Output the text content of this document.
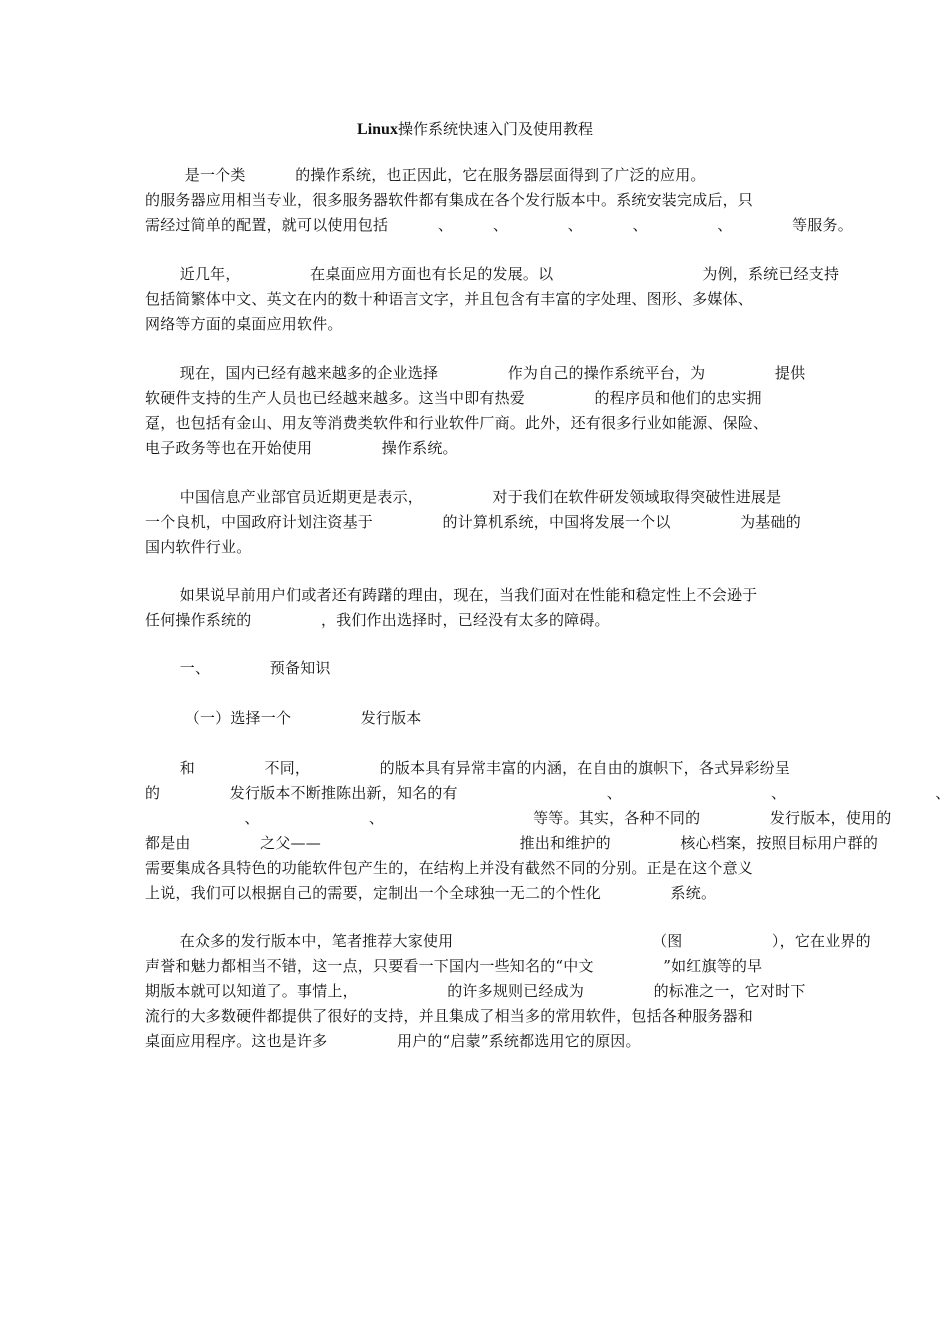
Linux操作系统快速入门及使用教程
是一个类          的操作系统，也正因此，它在服务器层面得到了广泛的应用。
的服务器应用相当专业，很多服务器软件都有集成在各个发行版本中。系统安装完成后，只
需经过简单的配置，就可以使用包括          、        、            、          、              、            等服务。
近几年，              在桌面应用方面也有长足的发展。以                              为例，系统已经支持
包括简繁体中文、英文在内的数十种语言文字，并且包含有丰富的字处理、图形、多媒体、
网络等方面的桌面应用软件。
现在，国内已经有越来越多的企业选择              作为自己的操作系统平台，为              提供
软硬件支持的生产人员也已经越来越多。这当中即有热爱              的程序员和他们的忠实拥
趸，也包括有金山、用友等消费类软件和行业软件厂商。此外，还有很多行业如能源、保险、
电子政务等也在开始使用              操作系统。
中国信息产业部官员近期更是表示，              对于我们在软件研发领域取得突破性进展是
一个良机，中国政府计划注资基于              的计算机系统，中国将发展一个以              为基础的
国内软件行业。
如果说早前用户们或者还有踌躇的理由，现在，当我们面对在性能和稳定性上不会逊于
任何操作系统的              ，我们作出选择时，已经没有太多的障碍。
一、            预备知识
（一）选择一个              发行版本
和              不同，              的版本具有异常丰富的内涵，在自由的旗帜下，各式异彩纷呈
的              发行版本不断推陈出新，知名的有                              、                              、                              、
、                      、                              等等。其实，各种不同的              发行版本，使用的
都是由              之父——                                        推出和维护的              核心档案，按照目标用户群的
需要集成各具特色的功能软件包产生的，在结构上并没有截然不同的分别。正是在这个意义
上说，我们可以根据自己的需要，定制出一个全球独一无二的个性化              系统。
在众多的发行版本中，笔者推荐大家使用                                        （图                  ），它在业界的
声誉和魅力都相当不错，这一点，只要看一下国内一些知名的“中文              ”如红旗等的早
期版本就可以知道了。事情上，                  的许多规则已经成为              的标准之一，它对时下
流行的大多数硬件都提供了很好的支持，并且集成了相当多的常用软件，包括各种服务器和
桌面应用程序。这也是许多              用户的“启蒙”系统都选用它的原因。
